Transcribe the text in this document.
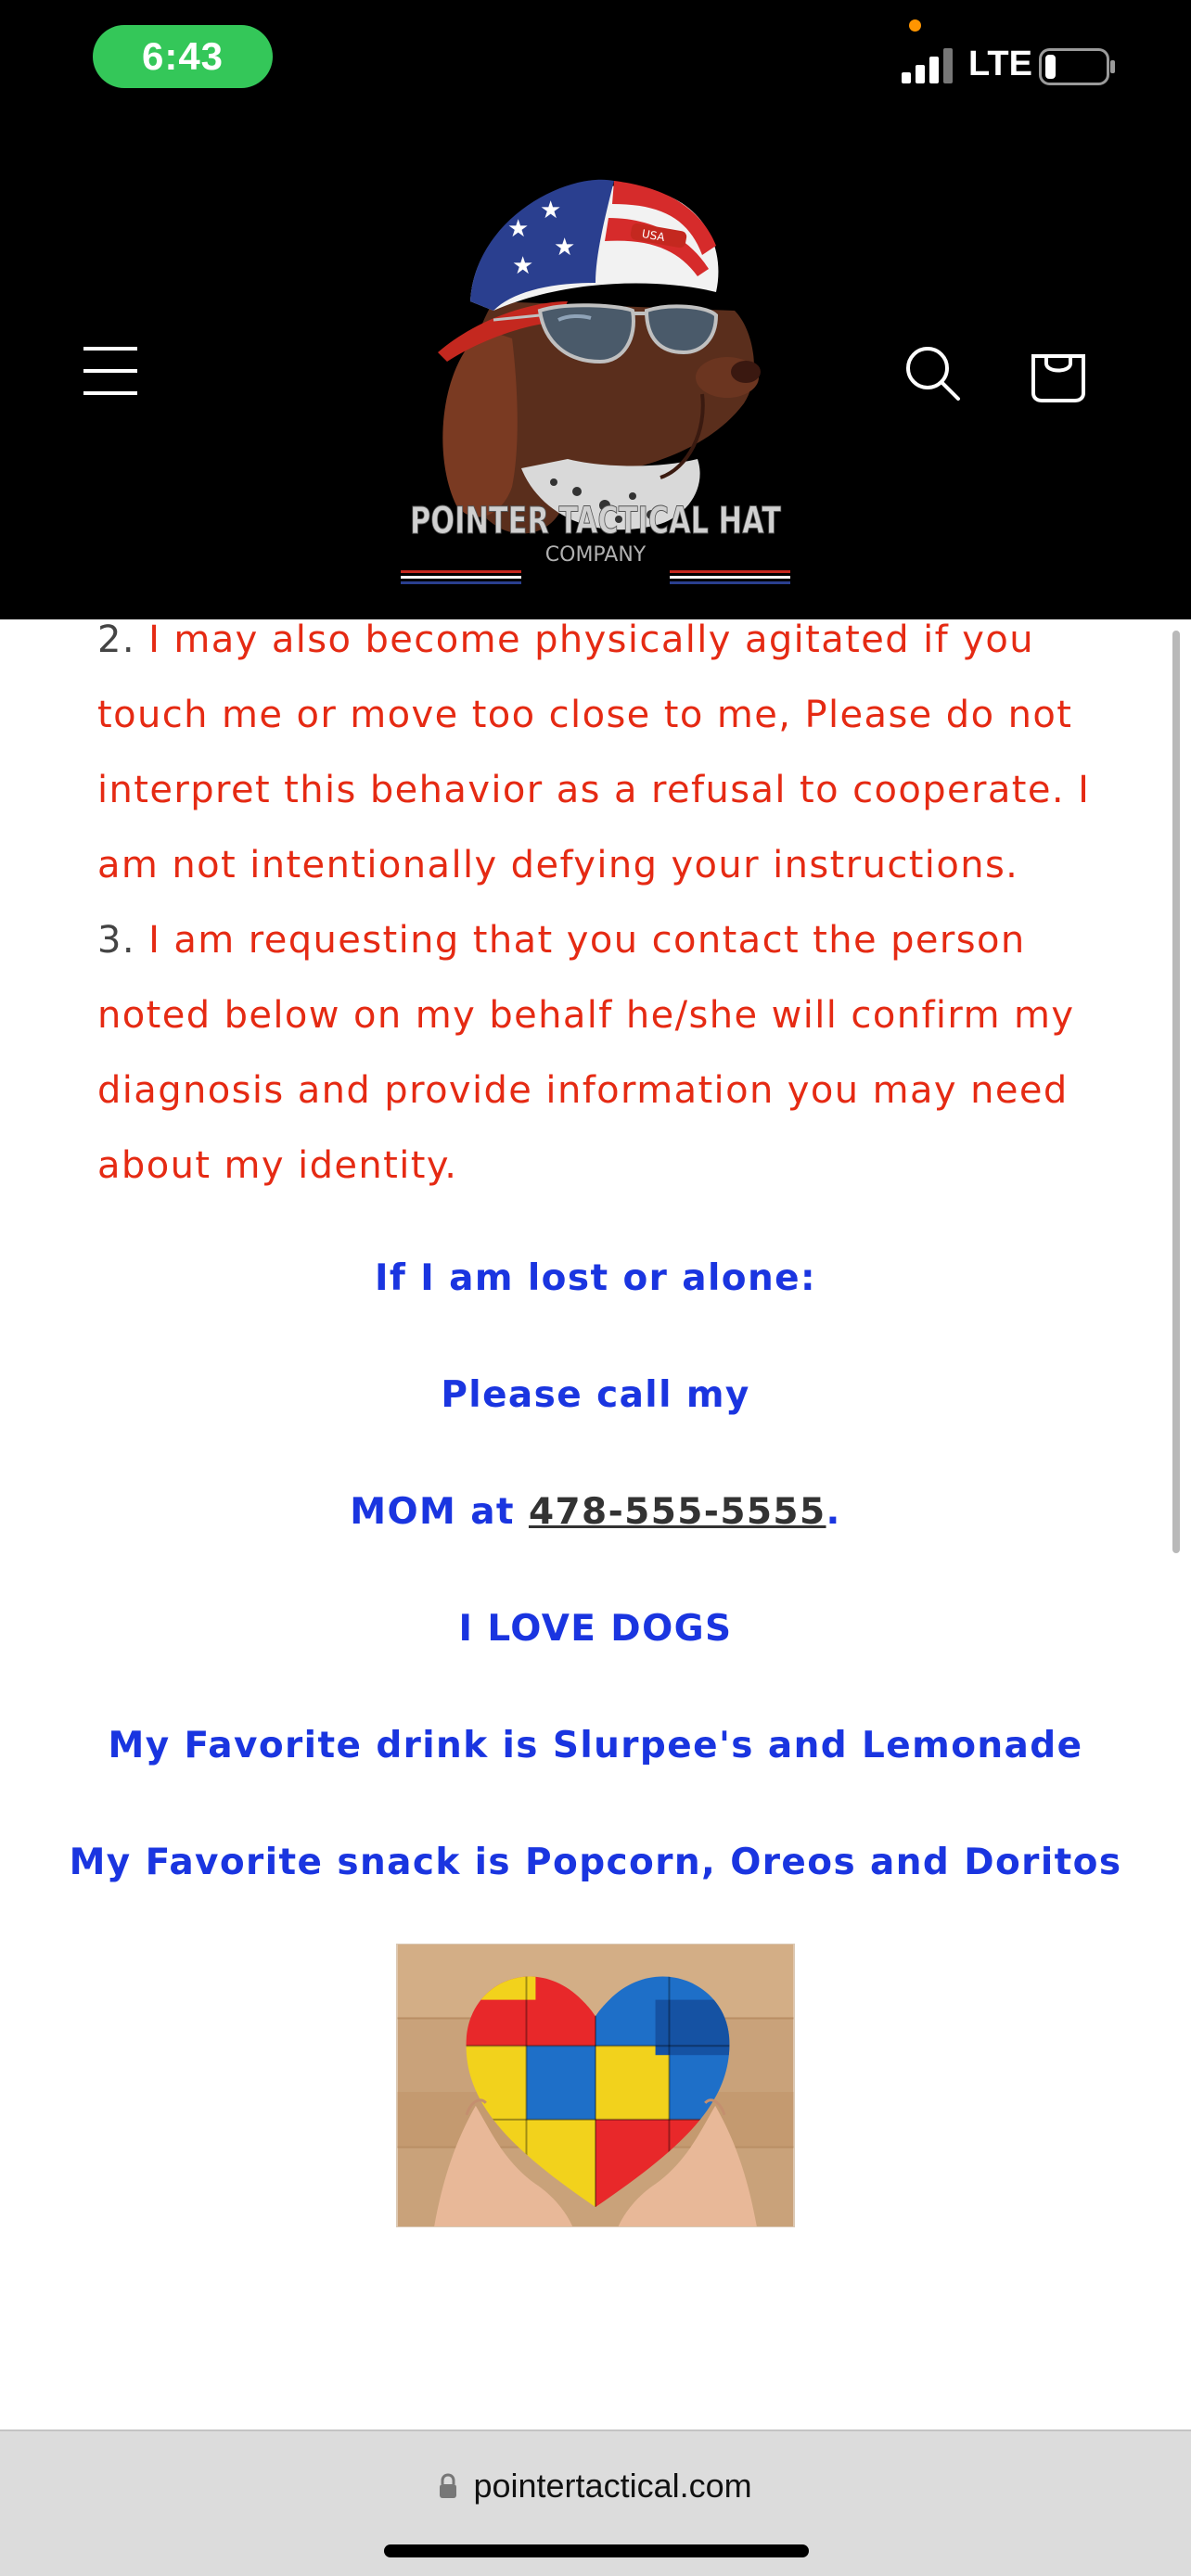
6:43	LTE
★
★
★
★
USA
POINTER TACTICAL HAT
COMPANY

2. I may also become physically agitated if you touch me or move too close to me, Please do not interpret this behavior as a refusal to cooperate. I am not intentionally defying your instructions.

3. I am requesting that you contact the person noted below on my behalf he/she will confirm my diagnosis and provide information you may need about my identity.

If I am lost or alone:

Please call my

MOM at 478-555-5555.

I LOVE DOGS

My Favorite drink is Slurpee's and Lemonade

My Favorite snack is Popcorn, Oreos and Doritos

pointertactical.com
